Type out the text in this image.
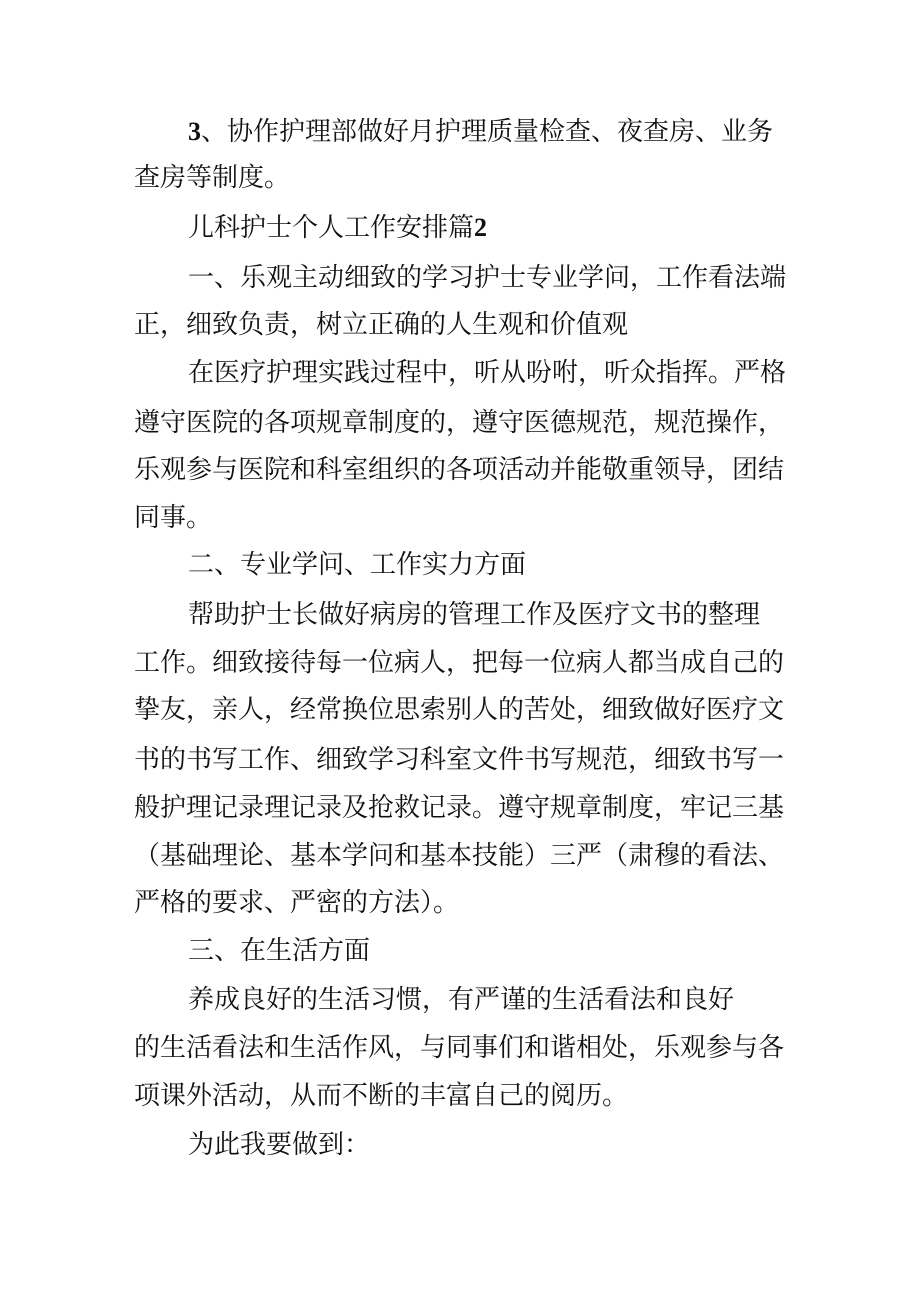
3、协作护理部做好月护理质量检查、夜查房、业务
查房等制度。
儿科护士个人工作安排篇2
一、乐观主动细致的学习护士专业学问，工作看法端
正，细致负责，树立正确的人生观和价值观
在医疗护理实践过程中，听从吩咐，听众指挥。严格
遵守医院的各项规章制度的，遵守医德规范，规范操作，
乐观参与医院和科室组织的各项活动并能敬重领导，团结
同事。
二、专业学问、工作实力方面
帮助护士长做好病房的管理工作及医疗文书的整理
工作。细致接待每一位病人，把每一位病人都当成自己的
挚友，亲人，经常换位思索别人的苦处，细致做好医疗文
书的书写工作、细致学习科室文件书写规范，细致书写一
般护理记录理记录及抢救记录。遵守规章制度，牢记三基
（基础理论、基本学问和基本技能）三严（肃穆的看法、
严格的要求、严密的方法）。
三、在生活方面
养成良好的生活习惯，有严谨的生活看法和良好
的生活看法和生活作风，与同事们和谐相处，乐观参与各
项课外活动，从而不断的丰富自己的阅历。
为此我要做到：
